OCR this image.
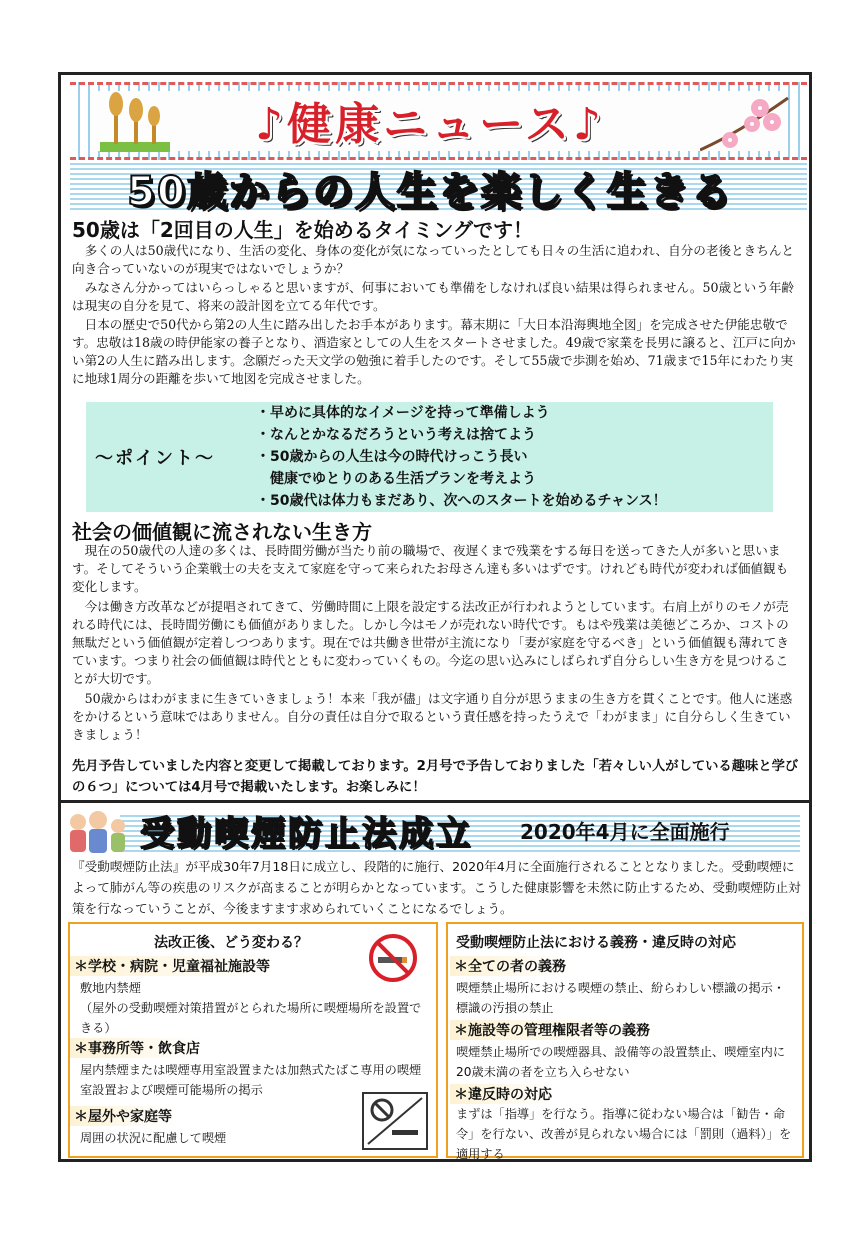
♪健康ニュース♪
50歳からの人生を楽しく生きる
50歳は「2回目の人生」を始めるタイミングです！

多くの人は50歳代になり、生活の変化、身体の変化が気になっていったとしても日々の生活に追われ、自分の老後ときちんと向き合っていないのが現実ではないでしょうか？

みなさん分かってはいらっしゃると思いますが、何事においても準備をしなければ良い結果は得られません。50歳という年齢は現実の自分を見て、将来の設計図を立てる年代です。

日本の歴史で50代から第2の人生に踏み出したお手本があります。幕末期に「大日本沿海輿地全図」を完成させた伊能忠敬です。忠敬は18歳の時伊能家の養子となり、酒造家としての人生をスタートさせました。49歳で家業を長男に譲ると、江戸に向かい第2の人生に踏み出します。念願だった天文学の勉強に着手したのです。そして55歳で歩測を始め、71歳まで15年にわたり実に地球1周分の距離を歩いて地図を完成させました。

～ポイント～
・早めに具体的なイメージを持って準備しよう
・なんとかなるだろうという考えは捨てよう
・50歳からの人生は今の時代けっこう長い
健康でゆとりのある生活プランを考えよう
・50歳代は体力もまだあり、次へのスタートを始めるチャンス！
社会の価値観に流されない生き方

現在の50歳代の人達の多くは、長時間労働が当たり前の職場で、夜遅くまで残業をする毎日を送ってきた人が多いと思います。そしてそういう企業戦士の夫を支えて家庭を守って来られたお母さん達も多いはずです。けれども時代が変われば価値観も変化します。

今は働き方改革などが提唱されてきて、労働時間に上限を設定する法改正が行われようとしています。右肩上がりのモノが売れる時代には、長時間労働にも価値がありました。しかし今はモノが売れない時代です。もはや残業は美徳どころか、コストの無駄だという価値観が定着しつつあります。現在では共働き世帯が主流になり「妻が家庭を守るべき」という価値観も薄れてきています。つまり社会の価値観は時代とともに変わっていくもの。今迄の思い込みにしばられず自分らしい生き方を見つけることが大切です。

50歳からはわがままに生きていきましょう！本来「我が儘」は文字通り自分が思うままの生き方を貫くことです。他人に迷惑をかけるという意味ではありません。自分の責任は自分で取るという責任感を持ったうえで「わがまま」に自分らしく生きていきましょう！

先月予告していました内容と変更して掲載しております。2月号で予告しておりました「若々しい人がしている趣味と学びの６つ」については4月号で掲載いたします。お楽しみに！

受動喫煙防止法成立 2020年4月に全面施行

『受動喫煙防止法』が平成30年7月18日に成立し、段階的に施行、2020年4月に全面施行されることとなりました。受動喫煙によって肺がん等の疾患のリスクが高まることが明らかとなっています。こうした健康影響を未然に防止するため、受動喫煙防止対策を行なっていうことが、今後ますます求められていくことになるでしょう。

法改正後、どう変わる？
＊学校・病院・児童福祉施設等

敷地内禁煙
（屋外の受動喫煙対策措置がとられた場所に喫煙場所を設置できる）

＊事務所等・飲食店

屋内禁煙または喫煙専用室設置または加熱式たばこ専用の喫煙室設置および喫煙可能場所の掲示

＊屋外や家庭等

周囲の状況に配慮して喫煙

受動喫煙防止法における義務・違反時の対応
＊全ての者の義務

喫煙禁止場所における喫煙の禁止、紛らわしい標識の掲示・標識の汚損の禁止

＊施設等の管理権限者等の義務

喫煙禁止場所での喫煙器具、設備等の設置禁止、喫煙室内に20歳未満の者を立ち入らせない

＊違反時の対応

まずは「指導」を行なう。指導に従わない場合は「勧告・命令」を行ない、改善が見られない場合には「罰則（過料）」を適用する
